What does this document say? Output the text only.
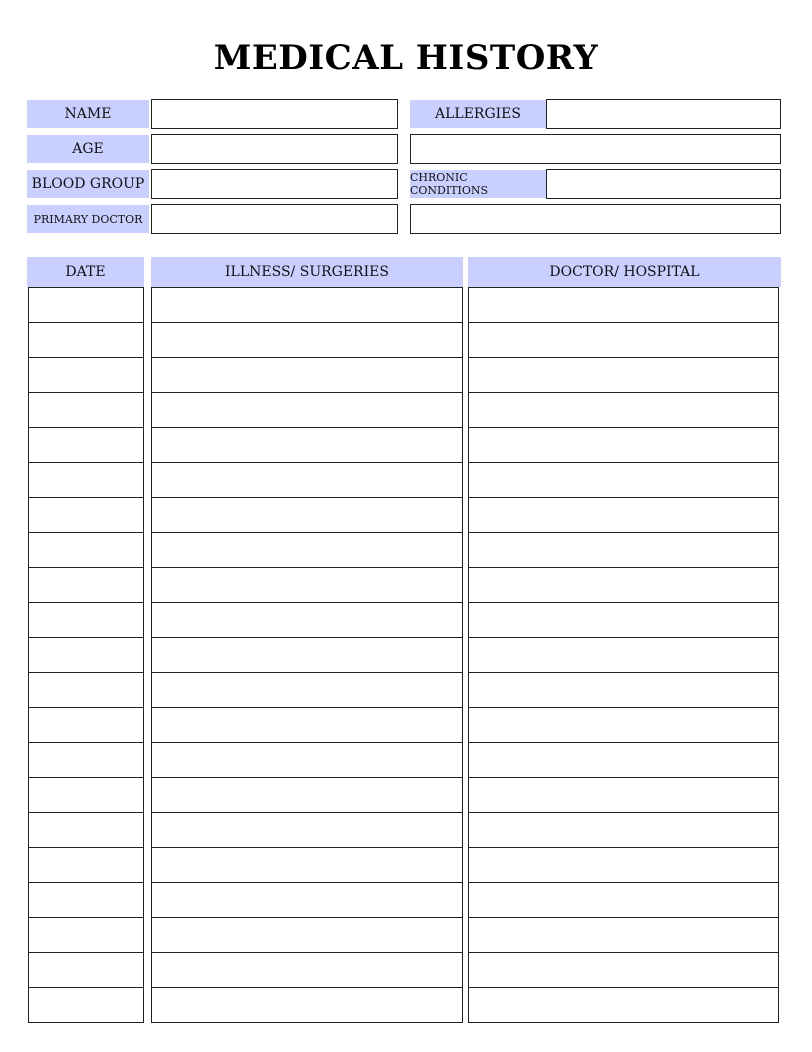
MEDICAL HISTORY
NAME
AGE
BLOOD GROUP
PRIMARY DOCTOR
ALLERGIES
CHRONIC CONDITIONS
DATE	ILLNESS/ SURGERIES	DOCTOR/ HOSPITAL
